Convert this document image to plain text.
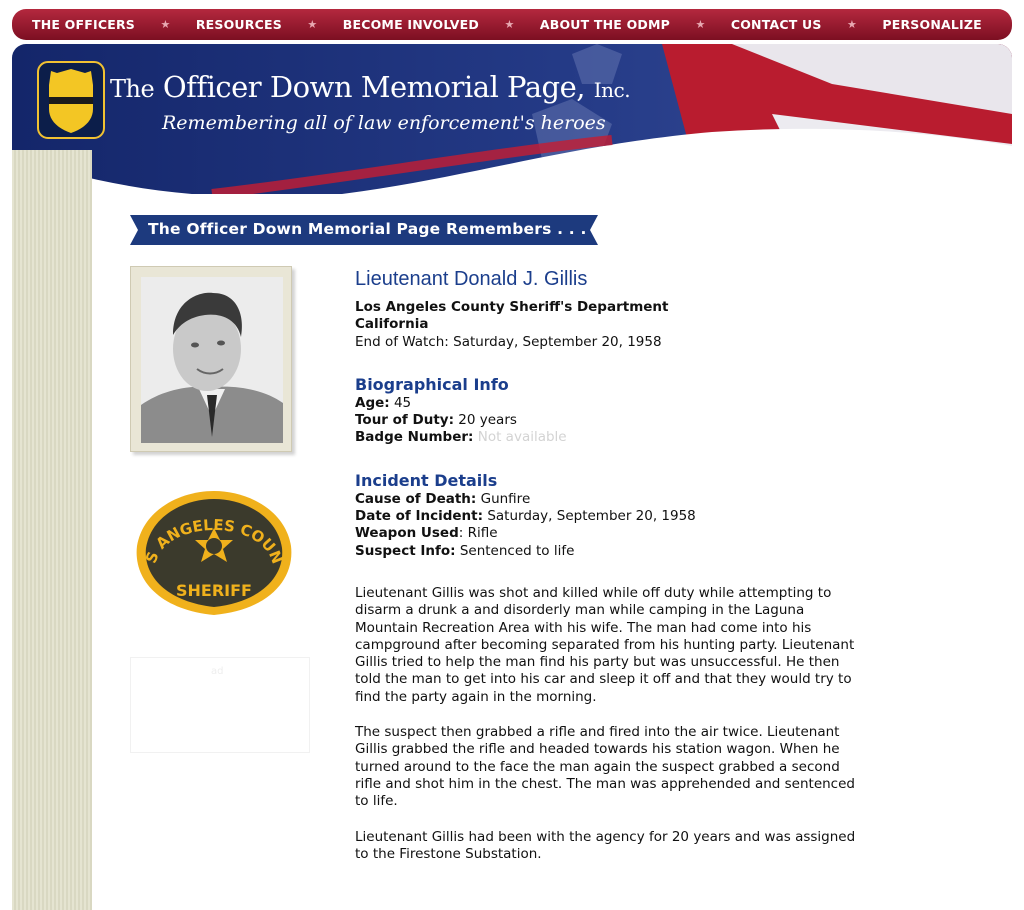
THE OFFICERS ★ RESOURCES ★ BECOME INVOLVED ★ ABOUT THE ODMP ★ CONTACT US ★ PERSONALIZE
The Officer Down Memorial Page, Inc.
Remembering all of law enforcement's heroes
The Officer Down Memorial Page Remembers . . .
S ANGELES COUN
SHERIFF
ad
Lieutenant Donald J. Gillis
Los Angeles County Sheriff's Department
California
End of Watch: Saturday, September 20, 1958
Biographical Info
Age: 45
Tour of Duty: 20 years
Badge Number: Not available
Incident Details
Cause of Death: Gunfire
Date of Incident: Saturday, September 20, 1958
Weapon Used: Rifle
Suspect Info: Sentenced to life
Lieutenant Gillis was shot and killed while off duty while attempting to
disarm a drunk a and disorderly man while camping in the Laguna
Mountain Recreation Area with his wife. The man had come into his
campground after becoming separated from his hunting party. Lieutenant
Gillis tried to help the man find his party but was unsuccessful. He then
told the man to get into his car and sleep it off and that they would try to
find the party again in the morning.
The suspect then grabbed a rifle and fired into the air twice. Lieutenant
Gillis grabbed the rifle and headed towards his station wagon. When he
turned around to the face the man again the suspect grabbed a second
rifle and shot him in the chest. The man was apprehended and sentenced
to life.
Lieutenant Gillis had been with the agency for 20 years and was assigned
to the Firestone Substation.
